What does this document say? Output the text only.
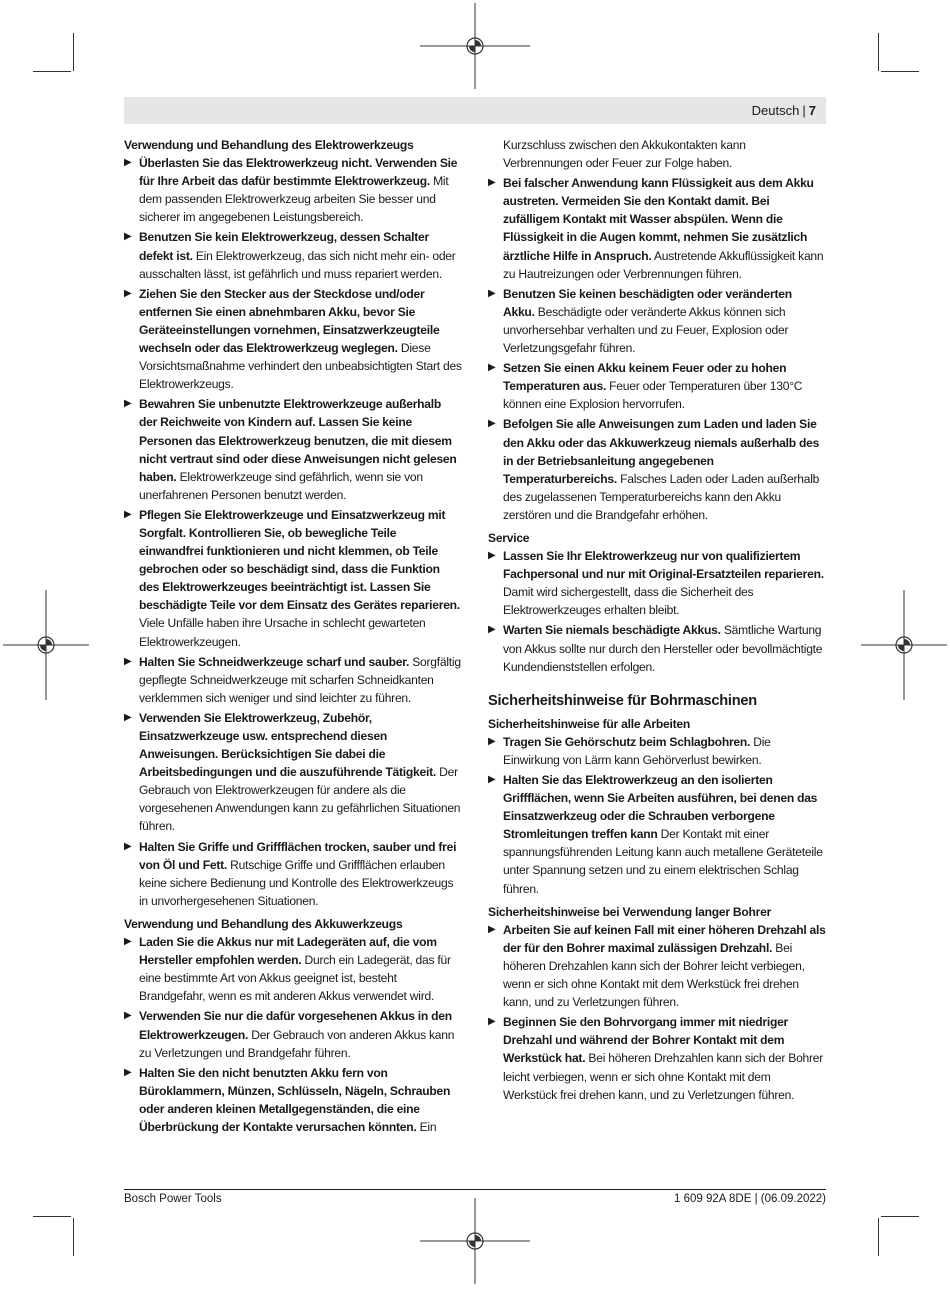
Deutsch | 7
Verwendung und Behandlung des Elektrowerkzeugs
▶ Überlasten Sie das Elektrowerkzeug nicht. Verwenden Sie für Ihre Arbeit das dafür bestimmte Elektrowerkzeug. Mit dem passenden Elektrowerkzeug arbeiten Sie besser und sicherer im angegebenen Leistungsbereich.
▶ Benutzen Sie kein Elektrowerkzeug, dessen Schalter defekt ist. Ein Elektrowerkzeug, das sich nicht mehr ein- oder ausschalten lässt, ist gefährlich und muss repariert werden.
▶ Ziehen Sie den Stecker aus der Steckdose und/oder entfernen Sie einen abnehmbaren Akku, bevor Sie Geräteeinstellungen vornehmen, Einsatzwerkzeugteile wechseln oder das Elektrowerkzeug weglegen. Diese Vorsichtsmaßnahme verhindert den unbeabsichtigten Start des Elektrowerkzeugs.
▶ Bewahren Sie unbenutzte Elektrowerkzeuge außerhalb der Reichweite von Kindern auf. Lassen Sie keine Personen das Elektrowerkzeug benutzen, die mit diesem nicht vertraut sind oder diese Anweisungen nicht gelesen haben. Elektrowerkzeuge sind gefährlich, wenn sie von unerfahrenen Personen benutzt werden.
▶ Pflegen Sie Elektrowerkzeuge und Einsatzwerkzeug mit Sorgfalt. Kontrollieren Sie, ob bewegliche Teile einwandfrei funktionieren und nicht klemmen, ob Teile gebrochen oder so beschädigt sind, dass die Funktion des Elektrowerkzeuges beeinträchtigt ist. Lassen Sie beschädigte Teile vor dem Einsatz des Gerätes reparieren. Viele Unfälle haben ihre Ursache in schlecht gewarteten Elektrowerkzeugen.
▶ Halten Sie Schneidwerkzeuge scharf und sauber. Sorgfältig gepflegte Schneidwerkzeuge mit scharfen Schneidkanten verklemmen sich weniger und sind leichter zu führen.
▶ Verwenden Sie Elektrowerkzeug, Zubehör, Einsatzwerkzeuge usw. entsprechend diesen Anweisungen. Berücksichtigen Sie dabei die Arbeitsbedingungen und die auszuführende Tätigkeit. Der Gebrauch von Elektrowerkzeugen für andere als die vorgesehenen Anwendungen kann zu gefährlichen Situationen führen.
▶ Halten Sie Griffe und Griffflächen trocken, sauber und frei von Öl und Fett. Rutschige Griffe und Griffflächen erlauben keine sichere Bedienung und Kontrolle des Elektrowerkzeugs in unvorhergesehenen Situationen.
Verwendung und Behandlung des Akkuwerkzeugs
▶ Laden Sie die Akkus nur mit Ladegeräten auf, die vom Hersteller empfohlen werden. Durch ein Ladegerät, das für eine bestimmte Art von Akkus geeignet ist, besteht Brandgefahr, wenn es mit anderen Akkus verwendet wird.
▶ Verwenden Sie nur die dafür vorgesehenen Akkus in den Elektrowerkzeugen. Der Gebrauch von anderen Akkus kann zu Verletzungen und Brandgefahr führen.
▶ Halten Sie den nicht benutzten Akku fern von Büroklammern, Münzen, Schlüsseln, Nägeln, Schrauben oder anderen kleinen Metallgegenständen, die eine Überbrückung der Kontakte verursachen könnten. Ein
Kurzschluss zwischen den Akkukontakten kann Verbrennungen oder Feuer zur Folge haben.
▶ Bei falscher Anwendung kann Flüssigkeit aus dem Akku austreten. Vermeiden Sie den Kontakt damit. Bei zufälligem Kontakt mit Wasser abspülen. Wenn die Flüssigkeit in die Augen kommt, nehmen Sie zusätzlich ärztliche Hilfe in Anspruch. Austretende Akkuflüssigkeit kann zu Hautreizungen oder Verbrennungen führen.
▶ Benutzen Sie keinen beschädigten oder veränderten Akku. Beschädigte oder veränderte Akkus können sich unvorhersehbar verhalten und zu Feuer, Explosion oder Verletzungsgefahr führen.
▶ Setzen Sie einen Akku keinem Feuer oder zu hohen Temperaturen aus. Feuer oder Temperaturen über 130°C können eine Explosion hervorrufen.
▶ Befolgen Sie alle Anweisungen zum Laden und laden Sie den Akku oder das Akkuwerkzeug niemals außerhalb des in der Betriebsanleitung angegebenen Temperaturbereichs. Falsches Laden oder Laden außerhalb des zugelassenen Temperaturbereichs kann den Akku zerstören und die Brandgefahr erhöhen.
Service
▶ Lassen Sie Ihr Elektrowerkzeug nur von qualifiziertem Fachpersonal und nur mit Original-Ersatzteilen reparieren. Damit wird sichergestellt, dass die Sicherheit des Elektrowerkzeuges erhalten bleibt.
▶ Warten Sie niemals beschädigte Akkus. Sämtliche Wartung von Akkus sollte nur durch den Hersteller oder bevollmächtigte Kundendienststellen erfolgen.
Sicherheitshinweise für Bohrmaschinen
Sicherheitshinweise für alle Arbeiten
▶ Tragen Sie Gehörschutz beim Schlagbohren. Die Einwirkung von Lärm kann Gehörverlust bewirken.
▶ Halten Sie das Elektrowerkzeug an den isolierten Griffflächen, wenn Sie Arbeiten ausführen, bei denen das Einsatzwerkzeug oder die Schrauben verborgene Stromleitungen treffen kann Der Kontakt mit einer spannungsführenden Leitung kann auch metallene Geräteteile unter Spannung setzen und zu einem elektrischen Schlag führen.
Sicherheitshinweise bei Verwendung langer Bohrer
▶ Arbeiten Sie auf keinen Fall mit einer höheren Drehzahl als der für den Bohrer maximal zulässigen Drehzahl. Bei höheren Drehzahlen kann sich der Bohrer leicht verbiegen, wenn er sich ohne Kontakt mit dem Werkstück frei drehen kann, und zu Verletzungen führen.
▶ Beginnen Sie den Bohrvorgang immer mit niedriger Drehzahl und während der Bohrer Kontakt mit dem Werkstück hat. Bei höheren Drehzahlen kann sich der Bohrer leicht verbiegen, wenn er sich ohne Kontakt mit dem Werkstück frei drehen kann, und zu Verletzungen führen.
Bosch Power Tools	1 609 92A 8DE | (06.09.2022)
